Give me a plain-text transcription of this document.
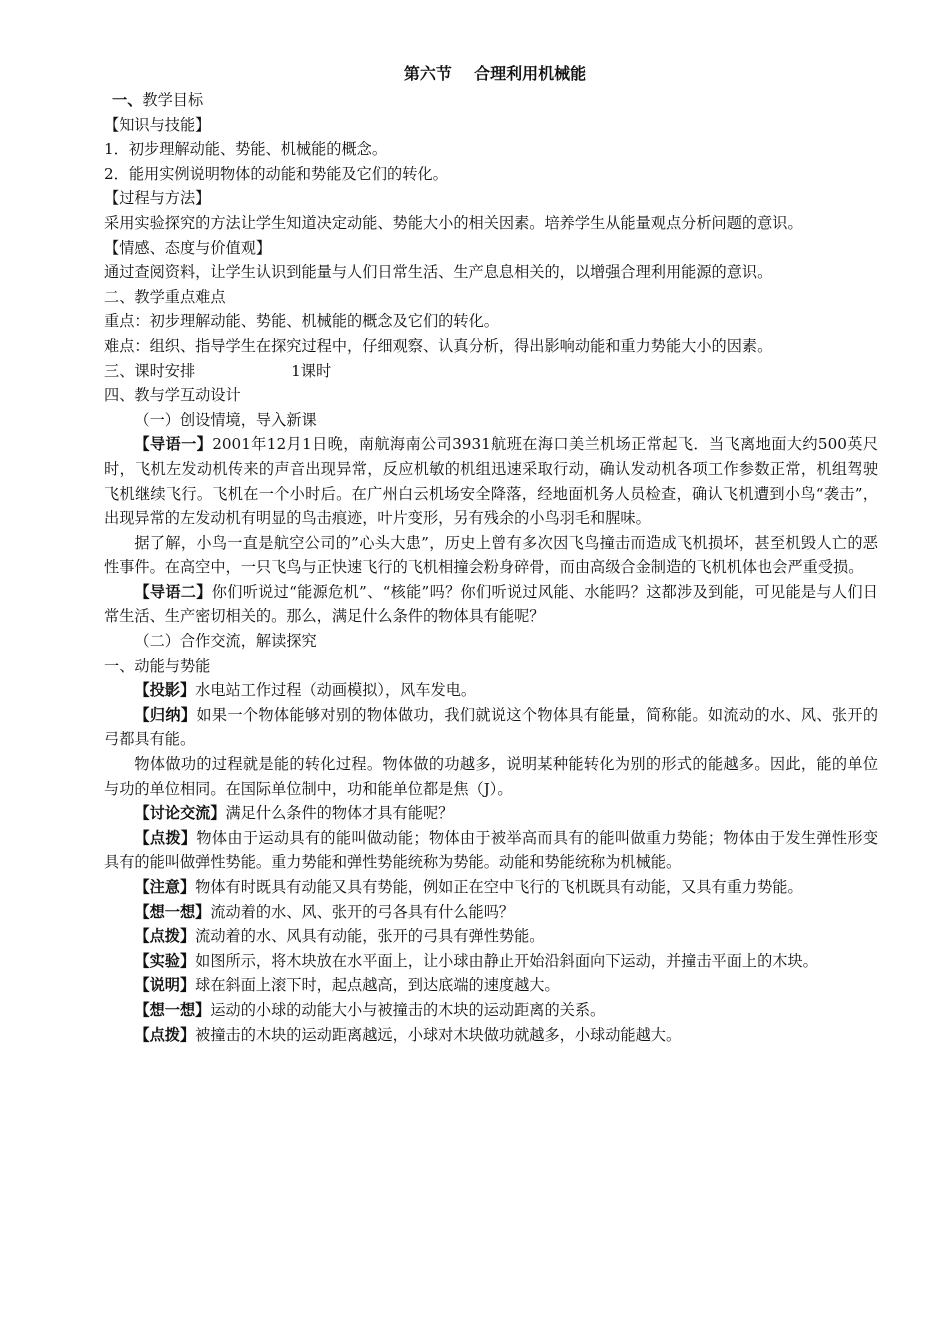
第六节    合理利用机械能

一、教学目标

【知识与技能】

1．初步理解动能、势能、机械能的概念。

2．能用实例说明物体的动能和势能及它们的转化。

【过程与方法】

采用实验探究的方法让学生知道决定动能、势能大小的相关因素。培养学生从能量观点分析问题的意识。

【情感、态度与价值观】

通过查阅资料，让学生认识到能量与人们日常生活、生产息息相关的，以增强合理利用能源的意识。

二、教学重点难点

重点：初步理解动能、势能、机械能的概念及它们的转化。

难点：组织、指导学生在探究过程中，仔细观察、认真分析，得出影响动能和重力势能大小的因素。

三、课时安排	1课时

四、教与学互动设计

（一）创设情境，导入新课

【导语一】2001年12月1日晚，南航海南公司3931航班在海口美兰机场正常起飞．当飞离地面大约500英尺时，飞机左发动机传来的声音出现异常，反应机敏的机组迅速采取行动，确认发动机各项工作参数正常，机组驾驶飞机继续飞行。飞机在一个小时后。在广州白云机场安全降落，经地面机务人员检查，确认飞机遭到小鸟“袭击”，出现异常的左发动机有明显的鸟击痕迹，叶片变形，另有残余的小鸟羽毛和腥味。

据了解，小鸟一直是航空公司的”心头大患”，历史上曾有多次因飞鸟撞击而造成飞机损坏，甚至机毁人亡的恶性事件。在高空中，一只飞鸟与正快速飞行的飞机相撞会粉身碎骨，而由高级合金制造的飞机机体也会严重受损。

【导语二】你们听说过“能源危机”、“核能”吗？你们听说过风能、水能吗？这都涉及到能，可见能是与人们日常生活、生产密切相关的。那么，满足什么条件的物体具有能呢？

（二）合作交流，解读探究

一、动能与势能

【投影】水电站工作过程（动画模拟），风车发电。

【归纳】如果一个物体能够对别的物体做功，我们就说这个物体具有能量，简称能。如流动的水、风、张开的弓都具有能。

物体做功的过程就是能的转化过程。物体做的功越多，说明某种能转化为别的形式的能越多。因此，能的单位与功的单位相同。在国际单位制中，功和能单位都是焦（J）。

【讨论交流】满足什么条件的物体才具有能呢？

【点拨】物体由于运动具有的能叫做动能；物体由于被举高而具有的能叫做重力势能；物体由于发生弹性形变具有的能叫做弹性势能。重力势能和弹性势能统称为势能。动能和势能统称为机械能。

【注意】物体有时既具有动能又具有势能，例如正在空中飞行的飞机既具有动能，又具有重力势能。

【想一想】流动着的水、风、张开的弓各具有什么能吗？

【点拨】流动着的水、风具有动能，张开的弓具有弹性势能。

【实验】如图所示，将木块放在水平面上，让小球由静止开始沿斜面向下运动，并撞击平面上的木块。

【说明】球在斜面上滚下时，起点越高，到达底端的速度越大。

【想一想】运动的小球的动能大小与被撞击的木块的运动距离的关系。

【点拨】被撞击的木块的运动距离越远，小球对木块做功就越多，小球动能越大。
